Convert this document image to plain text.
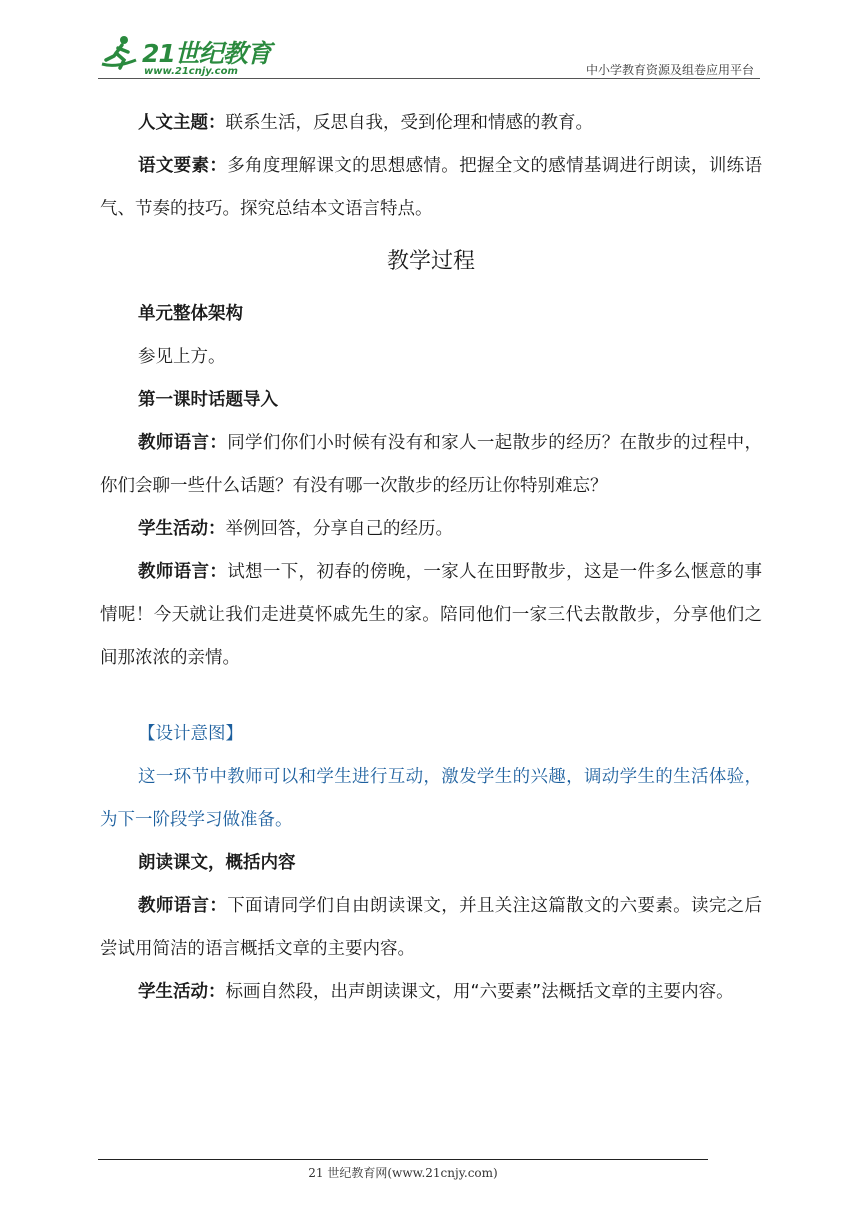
21世纪教育
www.21cnjy.com	中小学教育资源及组卷应用平台

人文主题：联系生活，反思自我，受到伦理和情感的教育。

语文要素：多角度理解课文的思想感情。把握全文的感情基调进行朗读，训练语气、节奏的技巧。探究总结本文语言特点。

教学过程

单元整体架构

参见上方。

第一课时话题导入

教师语言：同学们你们小时候有没有和家人一起散步的经历？在散步的过程中，你们会聊一些什么话题？有没有哪一次散步的经历让你特别难忘？

学生活动：举例回答，分享自己的经历。

教师语言：试想一下，初春的傍晚，一家人在田野散步，这是一件多么惬意的事情呢！今天就让我们走进莫怀戚先生的家。陪同他们一家三代去散散步，分享他们之间那浓浓的亲情。

【设计意图】

这一环节中教师可以和学生进行互动，激发学生的兴趣，调动学生的生活体验，为下一阶段学习做准备。

朗读课文，概括内容

教师语言：下面请同学们自由朗读课文，并且关注这篇散文的六要素。读完之后尝试用简洁的语言概括文章的主要内容。

学生活动：标画自然段，出声朗读课文，用“六要素”法概括文章的主要内容。

21 世纪教育网(www.21cnjy.com)
